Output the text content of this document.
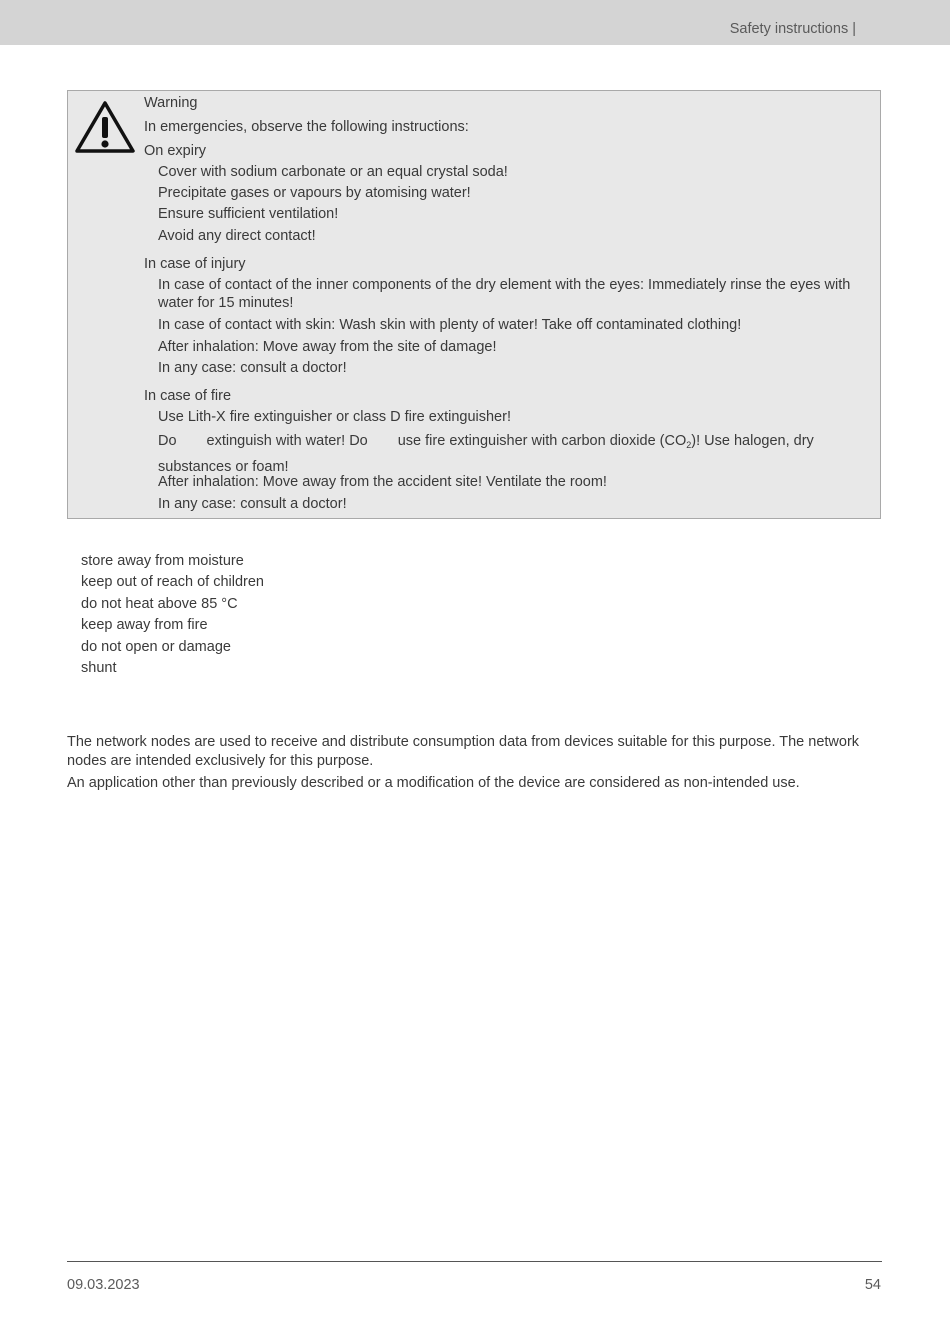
Safety instructions |
Warning
In emergencies, observe the following instructions:
On expiry
Cover with sodium carbonate or an equal crystal soda!
Precipitate gases or vapours by atomising water!
Ensure sufficient ventilation!
Avoid any direct contact!
In case of injury
In case of contact of the inner components of the dry element with the eyes: Immediately rinse the eyes with water for 15 minutes!
In case of contact with skin: Wash skin with plenty of water! Take off contaminated clothing!
After inhalation: Move away from the site of damage!
In any case: consult a doctor!
In case of fire
Use Lith-X fire extinguisher or class D fire extinguisher!
Do extinguish with water! Do use fire extinguisher with carbon dioxide $(CO_2)$! Use halogen, dry substances or foam!
After inhalation: Move away from the accident site! Ventilate the room!
In any case: consult a doctor!
store away from moisture
keep out of reach of children
do not heat above 85 °C
keep away from fire
do not open or damage
shunt
The network nodes are used to receive and distribute consumption data from devices suitable for this purpose. The network nodes are intended exclusively for this purpose.
An application other than previously described or a modification of the device are considered as non-intended use.
09.03.2023	54
